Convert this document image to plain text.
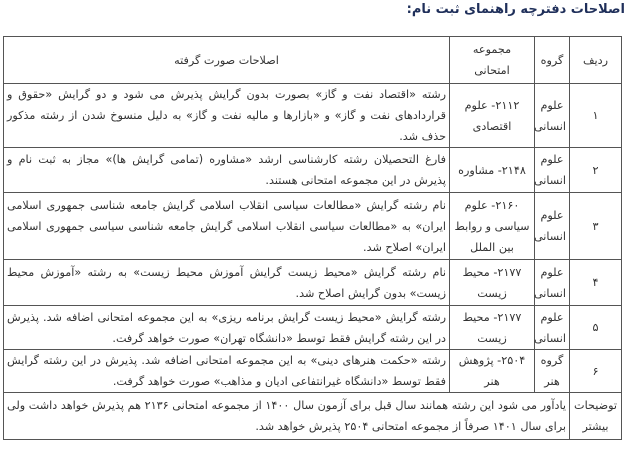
اصلاحات دفترچه راهنمای ثبت نام:
ردیف	گروه	مجموعه امتحانی	اصلاحات صورت گرفته
۱	علوم انسانی	۲۱۱۲- علوم اقتصادی	رشته «اقتصاد نفت و گاز» بصورت بدون گرایش پذیرش می شود و دو گرایش «حقوق و قراردادهای نفت و گاز» و «بازارها و مالیه نفت و گاز» به دلیل منسوخ شدن از رشته مذکور حذف شد.
۲	علوم انسانی	۲۱۴۸- مشاوره	فارغ التحصیلان رشته کارشناسی ارشد «مشاوره (تمامی گرایش ها)» مجاز به ثبت نام و پذیرش در این مجموعه امتحانی هستند.
۳	علوم انسانی	۲۱۶۰- علوم سیاسی و روابط بین الملل	نام رشته گرایش «مطالعات سیاسی انقلاب اسلامی گرایش جامعه شناسی جمهوری اسلامی ایران» به «مطالعات سیاسی انقلاب اسلامی گرایش جامعه شناسی سیاسی جمهوری اسلامی ایران» اصلاح شد.
۴	علوم انسانی	۲۱۷۷- محیط زیست	نام رشته گرایش «محیط زیست گرایش آموزش محیط زیست» به رشته «آموزش محیط زیست» بدون گرایش اصلاح شد.
۵	علوم انسانی	۲۱۷۷- محیط زیست	رشته گرایش «محیط زیست گرایش برنامه ریزی» به این مجموعه امتحانی اضافه شد. پذیرش در این رشته گرایش فقط توسط «دانشگاه تهران» صورت خواهد گرفت.
۶	گروه هنر	۲۵۰۴- پژوهش هنر	رشته «حکمت هنرهای دینی» به این مجموعه امتحانی اضافه شد. پذیرش در این رشته گرایش فقط توسط «دانشگاه غیرانتفاعی ادیان و مذاهب» صورت خواهد گرفت.
توضیحات بیشتر	یادآور می شود این رشته همانند سال قبل برای آزمون سال ۱۴۰۰ از مجموعه امتحانی ۲۱۳۶ هم پذیرش خواهد داشت ولی برای سال ۱۴۰۱ صرفاً از مجموعه امتحانی ۲۵۰۴ پذیرش خواهد شد.		
